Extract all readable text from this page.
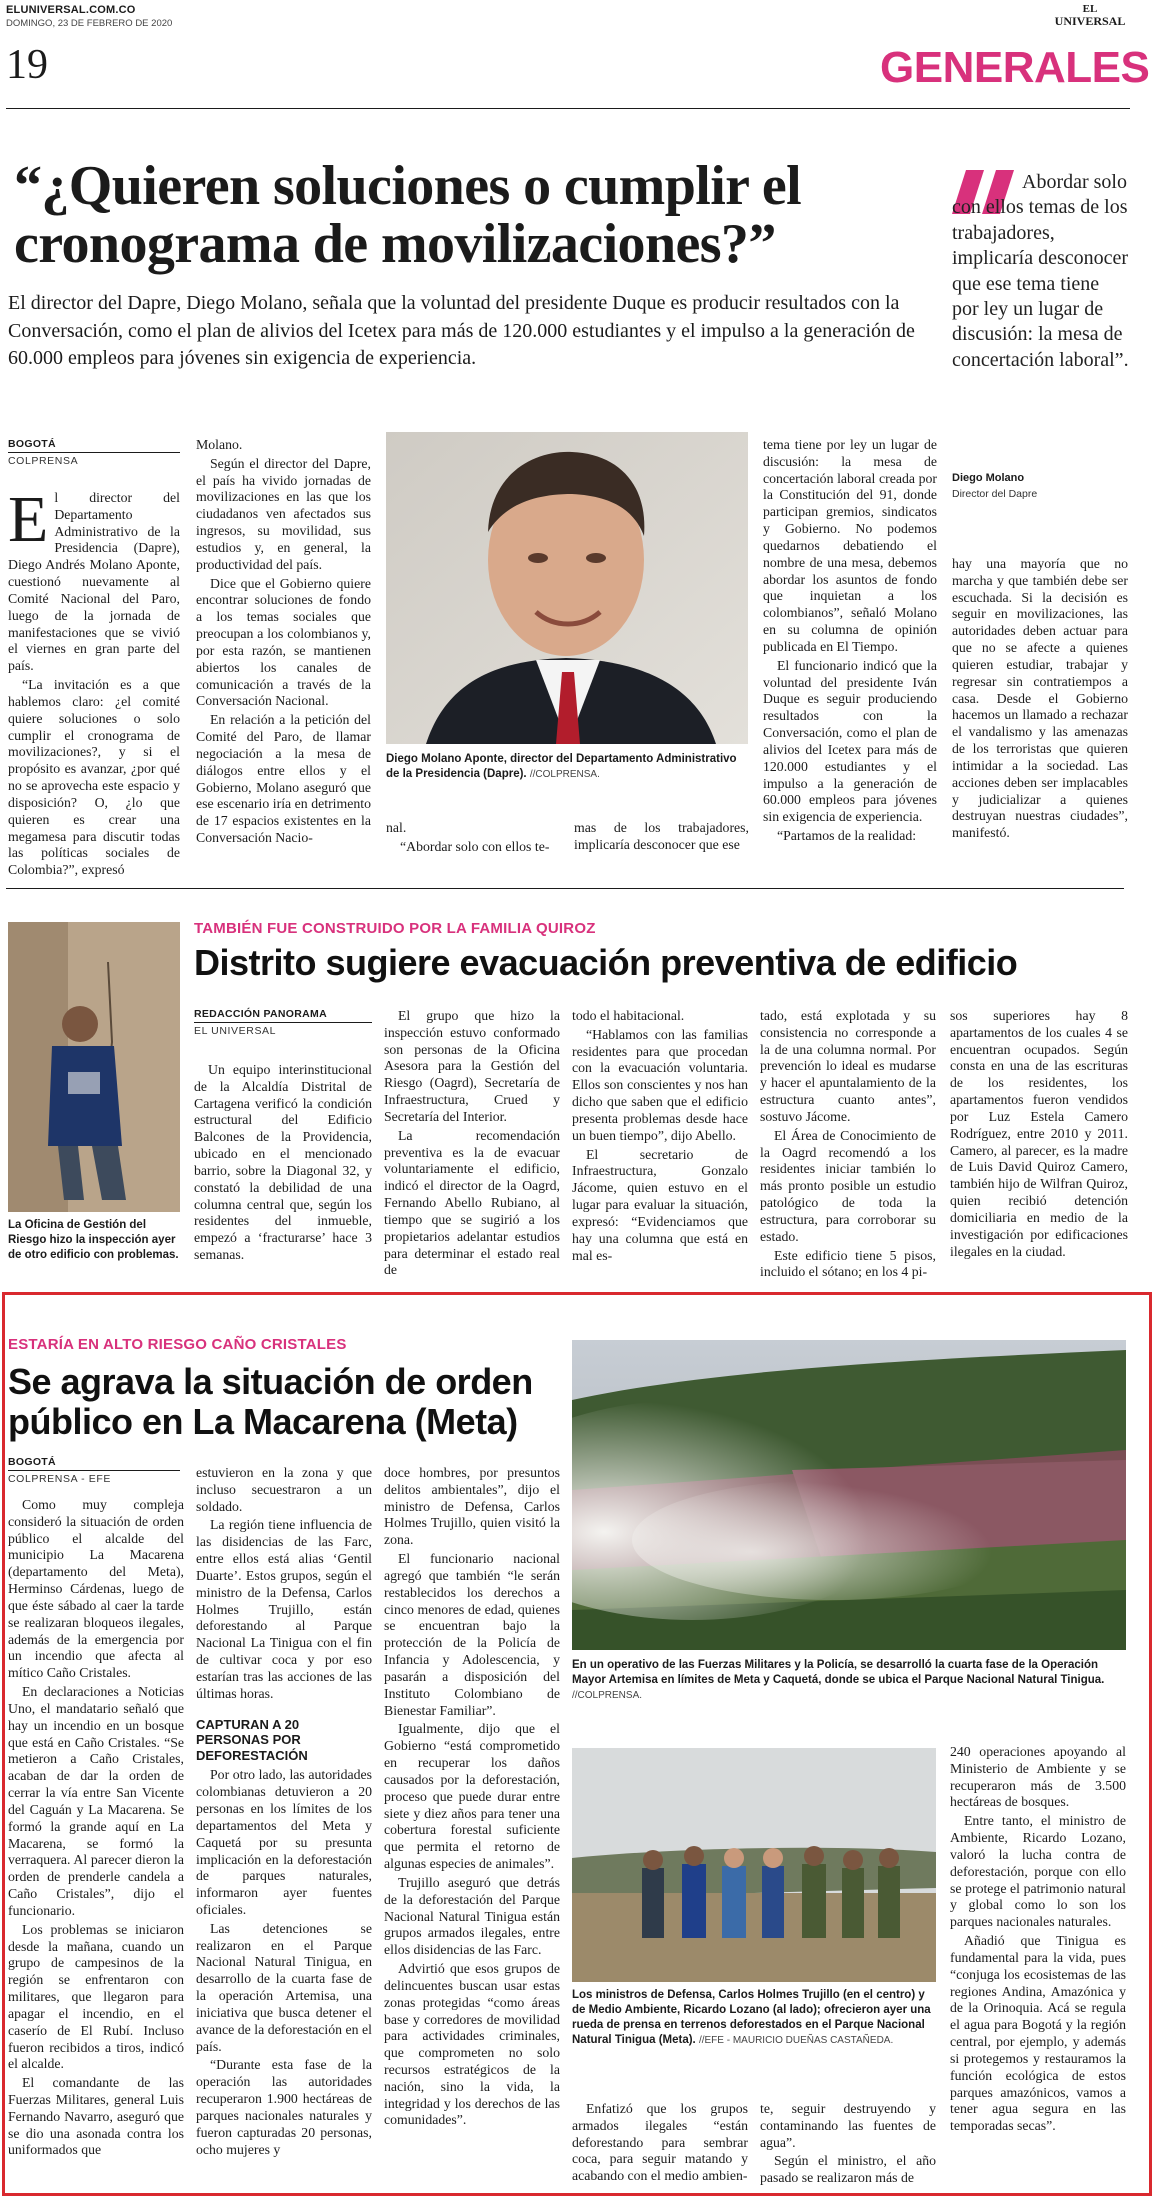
ELUNIVERSAL.COM.CO
DOMINGO, 23 DE FEBRERO DE 2020
EL
UNIVERSAL
19	GENERALES
“¿Quieren soluciones o cumplir el
cronograma de movilizaciones?”
El director del Dapre, Diego Molano, señala que la voluntad del presidente Duque es producir resultados con la Conversación, como el plan de alivios del Icetex para más de 120.000 estudiantes y el impulso a la generación de 60.000 empleos para jóvenes sin exigencia de experiencia.
Abordar solo con ellos temas de los trabajadores, implicaría desconocer que ese tema tiene por ley un lugar de discusión: la mesa de concertación laboral”.
Diego Molano
Director del Dapre
BOGOTÁ
COLPRENSA

El director del Departamento Administrativo de la Presidencia (Dapre), Diego Andrés Molano Aponte, cuestionó nuevamente al Comité Nacional del Paro, luego de la jornada de manifestaciones que se vivió el viernes en gran parte del país.

“La invitación es a que hablemos claro: ¿el comité quiere soluciones o solo cumplir el cronograma de movilizaciones?, y si el propósito es avanzar, ¿por qué no se aprovecha este espacio y disposición? O, ¿lo que quieren es crear una megamesa para discutir todas las políticas sociales de Colombia?”, expresó

Molano.

Según el director del Dapre, el país ha vivido jornadas de movilizaciones en las que los ciudadanos ven afectados sus ingresos, su movilidad, sus estudios y, en general, la productividad del país.

Dice que el Gobierno quiere encontrar soluciones de fondo a los temas sociales que preocupan a los colombianos y, por esta razón, se mantienen abiertos los canales de comunicación a través de la Conversación Nacional.

En relación a la petición del Comité del Paro, de llamar negociación a la mesa de diálogos entre ellos y el Gobierno, Molano aseguró que ese escenario iría en detrimento de 17 espacios existentes en la Conversación Nacio-

Diego Molano Aponte, director del Departamento Administrativo de la Presidencia (Dapre). //COLPRENSA.

nal.

“Abordar solo con ellos te-

mas de los trabajadores, implicaría desconocer que ese

tema tiene por ley un lugar de discusión: la mesa de concertación laboral creada por la Constitución del 91, donde participan gremios, sindicatos y Gobierno. No podemos quedarnos debatiendo el nombre de una mesa, debemos abordar los asuntos de fondo que inquietan a los colombianos”, señaló Molano en su columna de opinión publicada en El Tiempo.

El funcionario indicó que la voluntad del presidente Iván Duque es seguir produciendo resultados con la Conversación, como el plan de alivios del Icetex para más de 120.000 estudiantes y el impulso a la generación de 60.000 empleos para jóvenes sin exigencia de experiencia.

“Partamos de la realidad:

hay una mayoría que no marcha y que también debe ser escuchada. Si la decisión es seguir en movilizaciones, las autoridades deben actuar para que no se afecte a quienes quieren estudiar, trabajar y regresar sin contratiempos a casa. Desde el Gobierno hacemos un llamado a rechazar el vandalismo y las amenazas de los terroristas que quieren intimidar a la sociedad. Las acciones deben ser implacables y judicializar a quienes destruyan nuestras ciudades”, manifestó.

La Oficina de Gestión del Riesgo hizo la inspección ayer de otro edificio con problemas.
TAMBIÉN FUE CONSTRUIDO POR LA FAMILIA QUIROZ
Distrito sugiere evacuación preventiva de edificio
REDACCIÓN PANORAMA
EL UNIVERSAL

Un equipo interinstitucional de la Alcaldía Distrital de Cartagena verificó la condición estructural del Edificio Balcones de la Providencia, ubicado en el mencionado barrio, sobre la Diagonal 32, y constató la debilidad de una columna central que, según los residentes del inmueble, empezó a ‘fracturarse’ hace 3 semanas.

El grupo que hizo la inspección estuvo conformado son personas de la Oficina Asesora para la Gestión del Riesgo (Oagrd), Secretaría de Infraestructura, Crued y Secretaría del Interior.

La recomendación preventiva es la de evacuar voluntariamente el edificio, indicó el director de la Oagrd, Fernando Abello Rubiano, al tiempo que se sugirió a los propietarios adelantar estudios para determinar el estado real de

todo el habitacional.

“Hablamos con las familias residentes para que procedan con la evacuación voluntaria. Ellos son conscientes y nos han dicho que saben que el edificio presenta problemas desde hace un buen tiempo”, dijo Abello.

El secretario de Infraestructura, Gonzalo Jácome, quien estuvo en el lugar para evaluar la situación, expresó: “Evidenciamos que hay una columna que está en mal es-

tado, está explotada y su consistencia no corresponde a la de una columna normal. Por prevención lo ideal es mudarse y hacer el apuntalamiento de la estructura cuanto antes”, sostuvo Jácome.

El Área de Conocimiento de la Oagrd recomendó a los residentes iniciar también lo más pronto posible un estudio patológico de toda la estructura, para corroborar su estado.

Este edificio tiene 5 pisos, incluido el sótano; en los 4 pi-

sos superiores hay 8 apartamentos de los cuales 4 se encuentran ocupados. Según consta en una de las escrituras de los residentes, los apartamentos fueron vendidos por Luz Estela Camero Rodríguez, entre 2010 y 2011. Camero, al parecer, es la madre de Luis David Quiroz Camero, también hijo de Wilfran Quiroz, quien recibió detención domiciliaria en medio de la investigación por edificaciones ilegales en la ciudad.

ESTARÍA EN ALTO RIESGO CAÑO CRISTALES
Se agrava la situación de orden
público en La Macarena (Meta)
BOGOTÁ
COLPRENSA - EFE

Como muy compleja consideró la situación de orden público el alcalde del municipio La Macarena (departamento del Meta), Herminso Cárdenas, luego de que éste sábado al caer la tarde se realizaran bloqueos ilegales, además de la emergencia por un incendio que afecta al mítico Caño Cristales.

En declaraciones a Noticias Uno, el mandatario señaló que hay un incendio en un bosque que está en Caño Cristales. “Se metieron a Caño Cristales, acaban de dar la orden de cerrar la vía entre San Vicente del Caguán y La Macarena. Se formó la grande aquí en La Macarena, se formó la verraquera. Al parecer dieron la orden de prenderle candela a Caño Cristales”, dijo el funcionario.

Los problemas se iniciaron desde la mañana, cuando un grupo de campesinos de la región se enfrentaron con militares, que llegaron para apagar el incendio, en el caserío de El Rubí. Incluso fueron recibidos a tiros, indicó el alcalde.

El comandante de las Fuerzas Militares, general Luis Fernando Navarro, aseguró que se dio una asonada contra los uniformados que

estuvieron en la zona y que incluso secuestraron a un soldado.

La región tiene influencia de las disidencias de las Farc, entre ellos está alias ‘Gentil Duarte’. Estos grupos, según el ministro de la Defensa, Carlos Holmes Trujillo, están deforestando al Parque Nacional La Tinigua con el fin de cultivar coca y por eso estarían tras las acciones de las últimas horas.

CAPTURAN A 20 PERSONAS POR DEFORESTACIÓN

Por otro lado, las autoridades colombianas detuvieron a 20 personas en los límites de los departamentos del Meta y Caquetá por su presunta implicación en la deforestación de parques naturales, informaron ayer fuentes oficiales.

Las detenciones se realizaron en el Parque Nacional Natural Tinigua, en desarrollo de la cuarta fase de la operación Artemisa, una iniciativa que busca detener el avance de la deforestación en el país.

“Durante esta fase de la operación las autoridades recuperaron 1.900 hectáreas de parques nacionales naturales y fueron capturadas 20 personas, ocho mujeres y

doce hombres, por presuntos delitos ambientales”, dijo el ministro de Defensa, Carlos Holmes Trujillo, quien visitó la zona.

El funcionario nacional agregó que también “le serán restablecidos los derechos a cinco menores de edad, quienes se encuentran bajo la protección de la Policía de Infancia y Adolescencia, y pasarán a disposición del Instituto Colombiano de Bienestar Familiar”.

Igualmente, dijo que el Gobierno “está comprometido en recuperar los daños causados por la deforestación, proceso que puede durar entre siete y diez años para tener una cobertura forestal suficiente que permita el retorno de algunas especies de animales”.

Trujillo aseguró que detrás de la deforestación del Parque Nacional Natural Tinigua están grupos armados ilegales, entre ellos disidencias de las Farc.

Advirtió que esos grupos de delincuentes buscan usar estas zonas protegidas “como áreas base y corredores de movilidad para actividades criminales, que comprometen no solo recursos estratégicos de la nación, sino la vida, la integridad y los derechos de las comunidades”.

En un operativo de las Fuerzas Militares y la Policía, se desarrolló la cuarta fase de la Operación Mayor Artemisa en límites de Meta y Caquetá, donde se ubica el Parque Nacional Natural Tinigua. //COLPRENSA.
Los ministros de Defensa, Carlos Holmes Trujillo (en el centro) y de Medio Ambiente, Ricardo Lozano (al lado); ofrecieron ayer una rueda de prensa en terrenos deforestados en el Parque Nacional Natural Tinigua (Meta). //EFE - MAURICIO DUEÑAS CASTAÑEDA.

Enfatizó que los grupos armados ilegales “están deforestando para sembrar coca, para seguir matando y acabando con el medio ambien-

te, seguir destruyendo y contaminando las fuentes de agua”.

Según el ministro, el año pasado se realizaron más de

240 operaciones apoyando al Ministerio de Ambiente y se recuperaron más de 3.500 hectáreas de bosques.

Entre tanto, el ministro de Ambiente, Ricardo Lozano, valoró la lucha contra de deforestación, porque con ello se protege el patrimonio natural y global como lo son los parques nacionales naturales.

Añadió que Tinigua es fundamental para la vida, pues “conjuga los ecosistemas de las regiones Andina, Amazónica y de la Orinoquia. Acá se regula el agua para Bogotá y la región central, por ejemplo, y además si protegemos y restauramos la función ecológica de estos parques amazónicos, vamos a tener agua segura en las temporadas secas”.
